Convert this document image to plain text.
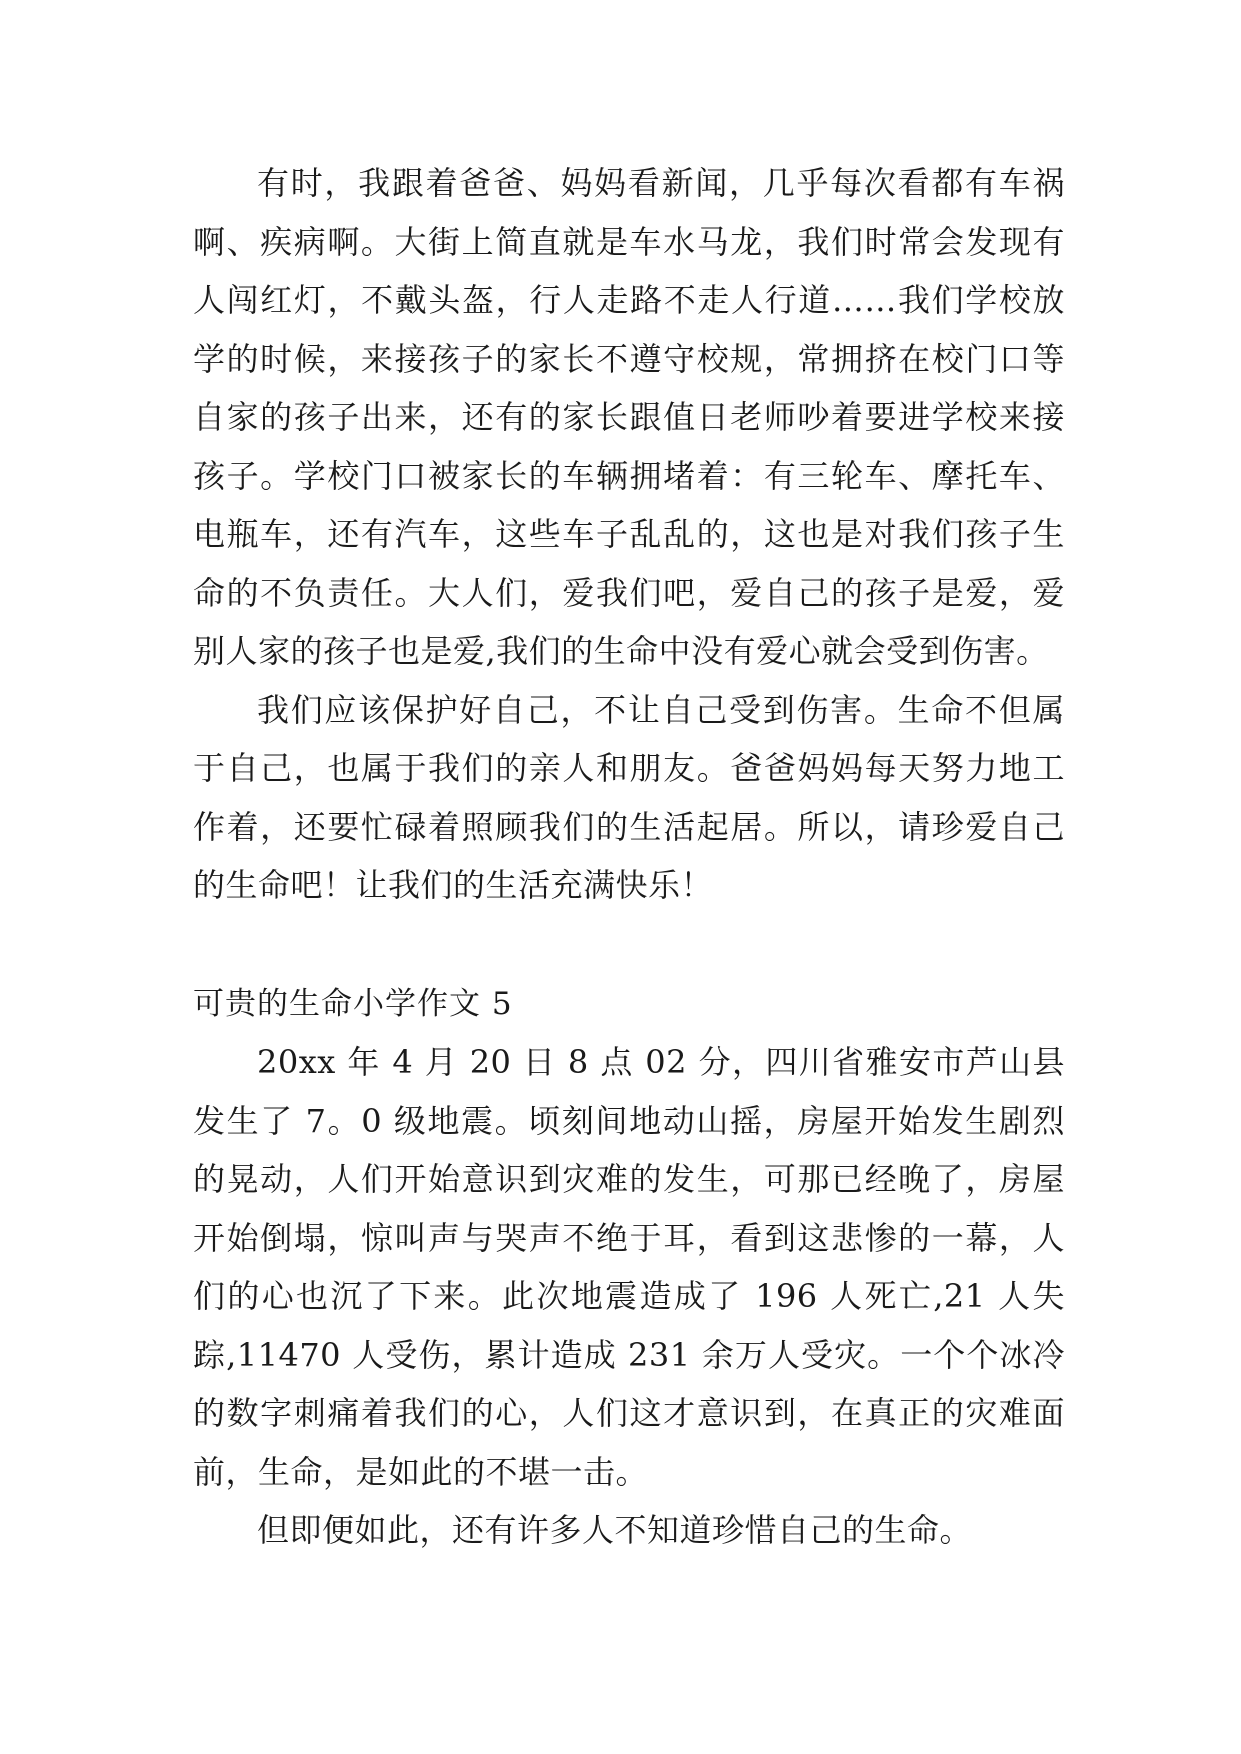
有时，我跟着爸爸、妈妈看新闻，几乎每次看都有车祸啊、疾病啊。大街上简直就是车水马龙，我们时常会发现有人闯红灯，不戴头盔，行人走路不走人行道……我们学校放学的时候，来接孩子的家长不遵守校规，常拥挤在校门口等自家的孩子出来，还有的家长跟值日老师吵着要进学校来接孩子。学校门口被家长的车辆拥堵着：有三轮车、摩托车、电瓶车，还有汽车，这些车子乱乱的，这也是对我们孩子生命的不负责任。大人们，爱我们吧，爱自己的孩子是爱，爱别人家的孩子也是爱,我们的生命中没有爱心就会受到伤害。

我们应该保护好自己，不让自己受到伤害。生命不但属于自己，也属于我们的亲人和朋友。爸爸妈妈每天努力地工作着，还要忙碌着照顾我们的生活起居。所以，请珍爱自己的生命吧！让我们的生活充满快乐！

可贵的生命小学作文 5

20xx 年 4 月 20 日 8 点 02 分，四川省雅安市芦山县发生了 7。0 级地震。顷刻间地动山摇，房屋开始发生剧烈的晃动，人们开始意识到灾难的发生，可那已经晚了，房屋开始倒塌，惊叫声与哭声不绝于耳，看到这悲惨的一幕，人们的心也沉了下来。此次地震造成了 196 人死亡,21 人失踪,11470 人受伤，累计造成 231 余万人受灾。一个个冰冷的数字刺痛着我们的心，人们这才意识到，在真正的灾难面前，生命，是如此的不堪一击。

但即便如此，还有许多人不知道珍惜自己的生命。
